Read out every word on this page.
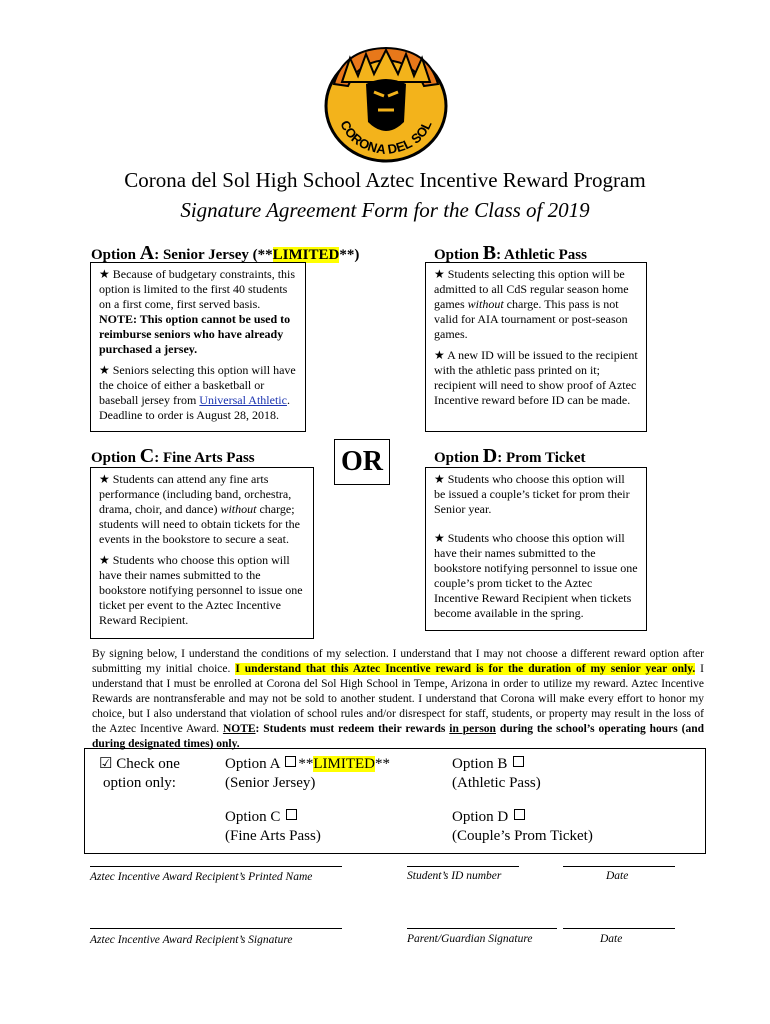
CORONA DEL SOL
Corona del Sol High School Aztec Incentive Reward Program
Signature Agreement Form for the Class of 2019
Option A: Senior Jersey (**LIMITED**)

★ Because of budgetary constraints, this option is limited to the first 40 students on a first come, first served basis. NOTE: This option cannot be used to reimburse seniors who have already purchased a jersey.

★ Seniors selecting this option will have the choice of either a basketball or baseball jersey from Universal Athletic. Deadline to order is August 28, 2018.

Option B: Athletic Pass

★ Students selecting this option will be admitted to all CdS regular season home games without charge. This pass is not valid for AIA tournament or post-season games.

★ A new ID will be issued to the recipient with the athletic pass printed on it; recipient will need to show proof of Aztec Incentive reward before ID can be made.

OR
Option C: Fine Arts Pass

★ Students can attend any fine arts performance (including band, orchestra, drama, choir, and dance) without charge; students will need to obtain tickets for the events in the bookstore to secure a seat.

★ Students who choose this option will have their names submitted to the bookstore notifying personnel to issue one ticket per event to the Aztec Incentive Reward Recipient.

Option D: Prom Ticket

★ Students who choose this option will be issued a couple’s ticket for prom their Senior year.

★ Students who choose this option will have their names submitted to the bookstore notifying personnel to issue one couple’s prom ticket to the Aztec Incentive Reward Recipient when tickets become available in the spring.

By signing below, I understand the conditions of my selection. I understand that I may not choose a different reward option after submitting my initial choice. I understand that this Aztec Incentive reward is for the duration of my senior year only. I understand that I must be enrolled at Corona del Sol High School in Tempe, Arizona in order to utilize my reward. Aztec Incentive Rewards are nontransferable and may not be sold to another student. I understand that Corona will make every effort to honor my choice, but I also understand that violation of school rules and/or disrespect for staff, students, or property may result in the loss of the Aztec Incentive Award. NOTE: Students must redeem their rewards in person during the school’s operating hours (and during designated times) only.
☑ Check one
option only:
Option A **LIMITED**
(Senior Jersey)
Option B
(Athletic Pass)
Option C
(Fine Arts Pass)
Option D
(Couple’s Prom Ticket)
Aztec Incentive Award Recipient’s Printed Name	Student’s ID number	Date
Aztec Incentive Award Recipient’s Signature	Parent/Guardian Signature	Date
